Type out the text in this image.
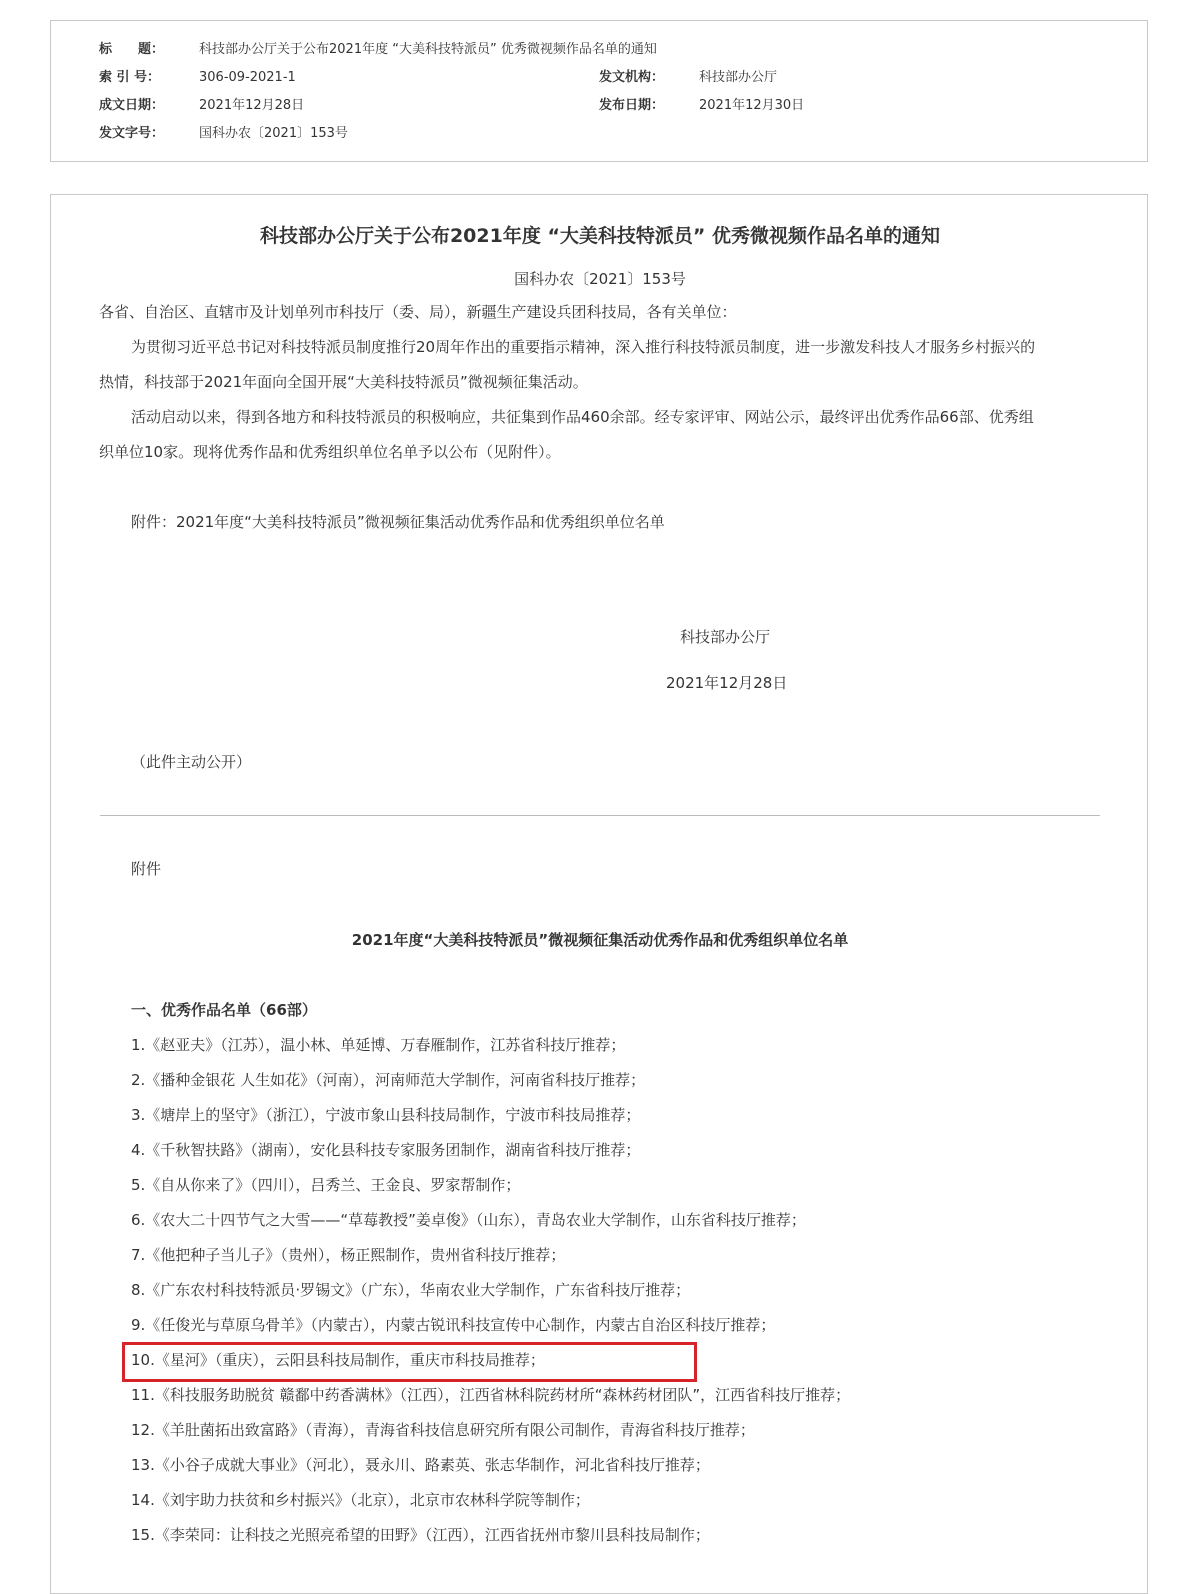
标　　题：	科技部办公厅关于公布2021年度 “大美科技特派员” 优秀微视频作品名单的通知
索 引 号：	306-09-2021-1	发文机构：	科技部办公厅
成文日期：	2021年12月28日	发布日期：	2021年12月30日
发文字号：	国科办农〔2021〕153号
科技部办公厅关于公布2021年度 “大美科技特派员” 优秀微视频作品名单的通知
国科办农〔2021〕153号
各省、自治区、直辖市及计划单列市科技厅（委、局），新疆生产建设兵团科技局，各有关单位：
为贯彻习近平总书记对科技特派员制度推行20周年作出的重要指示精神，深入推行科技特派员制度，进一步激发科技人才服务乡村振兴的
热情，科技部于2021年面向全国开展“大美科技特派员”微视频征集活动。
活动启动以来，得到各地方和科技特派员的积极响应，共征集到作品460余部。经专家评审、网站公示，最终评出优秀作品66部、优秀组
织单位10家。现将优秀作品和优秀组织单位名单予以公布（见附件）。
附件：2021年度“大美科技特派员”微视频征集活动优秀作品和优秀组织单位名单
科技部办公厅
2021年12月28日
（此件主动公开）
附件
2021年度“大美科技特派员”微视频征集活动优秀作品和优秀组织单位名单
一、优秀作品名单（66部）
1.《赵亚夫》（江苏），温小林、单延博、万春雁制作，江苏省科技厅推荐；
2.《播种金银花 人生如花》（河南），河南师范大学制作，河南省科技厅推荐；
3.《塘岸上的坚守》（浙江），宁波市象山县科技局制作，宁波市科技局推荐；
4.《千秋智扶路》（湖南），安化县科技专家服务团制作，湖南省科技厅推荐；
5.《自从你来了》（四川），吕秀兰、王金良、罗家帮制作；
6.《农大二十四节气之大雪——“草莓教授”姜卓俊》（山东），青岛农业大学制作，山东省科技厅推荐；
7.《他把种子当儿子》（贵州），杨正熙制作，贵州省科技厅推荐；
8.《广东农村科技特派员·罗锡文》（广东），华南农业大学制作，广东省科技厅推荐；
9.《任俊光与草原乌骨羊》（内蒙古），内蒙古锐讯科技宣传中心制作，内蒙古自治区科技厅推荐；
10.《星河》（重庆），云阳县科技局制作，重庆市科技局推荐；
11.《科技服务助脱贫 赣鄱中药香满林》（江西），江西省林科院药材所“森林药材团队”，江西省科技厅推荐；
12.《羊肚菌拓出致富路》（青海），青海省科技信息研究所有限公司制作，青海省科技厅推荐；
13.《小谷子成就大事业》（河北），聂永川、路素英、张志华制作，河北省科技厅推荐；
14.《刘宇助力扶贫和乡村振兴》（北京），北京市农林科学院等制作；
15.《李荣同：让科技之光照亮希望的田野》（江西），江西省抚州市黎川县科技局制作；
